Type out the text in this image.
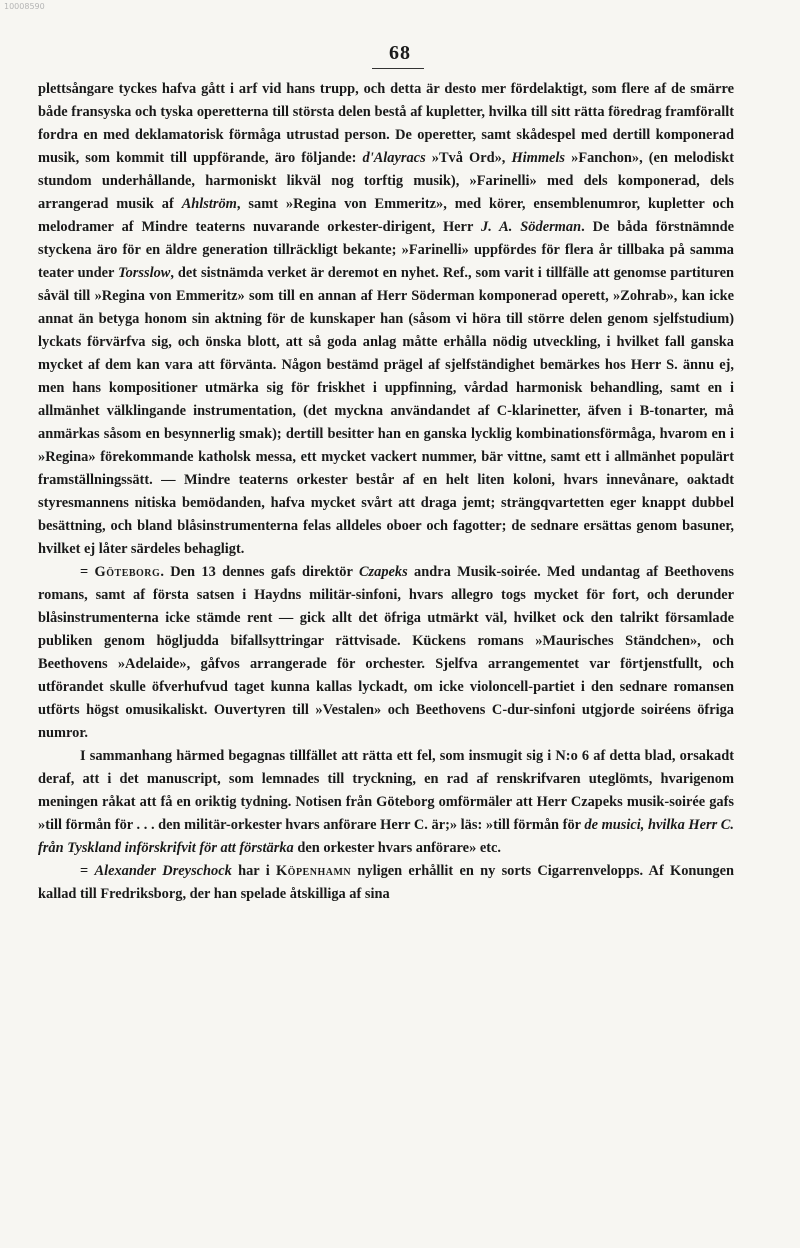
10008590
68

plettsångare tyckes hafva gått i arf vid hans trupp, och detta är desto mer fördelaktigt, som flere af de smärre både fransyska och tyska operetterna till största delen bestå af kupletter, hvilka till sitt rätta föredrag framförallt fordra en med deklamatorisk förmåga utrustad person. De operetter, samt skådespel med dertill komponerad musik, som kommit till uppförande, äro följande: d'Alayracs »Två Ord», Himmels »Fanchon», (en melodiskt stundom underhållande, harmoniskt likväl nog torftig musik), »Farinelli» med dels komponerad, dels arrangerad musik af Ahlström, samt »Regina von Emmeritz», med körer, ensemblenumror, kupletter och melodramer af Mindre teaterns nuvarande orkester-dirigent, Herr J. A. Söderman. De båda förstnämnde styckena äro för en äldre generation tillräckligt bekante; »Farinelli» uppfördes för flera år tillbaka på samma teater under Torsslow, det sistnämda verket är deremot en nyhet. Ref., som varit i tillfälle att genomse partituren såväl till »Regina von Emmeritz» som till en annan af Herr Söderman komponerad operett, »Zohrab», kan icke annat än betyga honom sin aktning för de kunskaper han (såsom vi höra till större delen genom sjelfstudium) lyckats förvärfva sig, och önska blott, att så goda anlag måtte erhålla nödig utveckling, i hvilket fall ganska mycket af dem kan vara att förvänta. Någon bestämd prägel af sjelfständighet bemärkes hos Herr S. ännu ej, men hans kompositioner utmärka sig för friskhet i uppfinning, vårdad harmonisk behandling, samt en i allmänhet välklingande instrumentation, (det myckna användandet af C-klarinetter, äfven i B-tonarter, må anmärkas såsom en besynnerlig smak); dertill besitter han en ganska lycklig kombinationsförmåga, hvarom en i »Regina» förekommande katholsk messa, ett mycket vackert nummer, bär vittne, samt ett i allmänhet populärt framställningssätt. — Mindre teaterns orkester består af en helt liten koloni, hvars innevånare, oaktadt styresmannens nitiska bemödanden, hafva mycket svårt att draga jemt; strängqvartetten eger knappt dubbel besättning, och bland blåsinstrumenterna felas alldeles oboer och fagotter; de sednare ersättas genom basuner, hvilket ej låter särdeles behagligt.

= Göteborg. Den 13 dennes gafs direktör Czapeks andra Musik-soirée. Med undantag af Beethovens romans, samt af första satsen i Haydns militär-sinfoni, hvars allegro togs mycket för fort, och derunder blåsinstrumenterna icke stämde rent — gick allt det öfriga utmärkt väl, hvilket ock den talrikt församlade publiken genom högljudda bifallsyttringar rättvisade. Kückens romans »Maurisches Ständchen», och Beethovens »Adelaide», gåfvos arrangerade för orchester. Sjelfva arrangementet var förtjenstfullt, och utförandet skulle öfverhufvud taget kunna kallas lyckadt, om icke violoncell-partiet i den sednare romansen utförts högst omusikaliskt. Ouvertyren till »Vestalen» och Beethovens C-dur-sinfoni utgjorde soiréens öfriga numror.

I sammanhang härmed begagnas tillfället att rätta ett fel, som insmugit sig i N:o 6 af detta blad, orsakadt deraf, att i det manuscript, som lemnades till tryckning, en rad af renskrifvaren uteglömts, hvarigenom meningen råkat att få en oriktig tydning. Notisen från Göteborg omförmäler att Herr Czapeks musik-soirée gafs »till förmån för . . . den militär-orkester hvars anförare Herr C. är;» läs: »till förmån för de musici, hvilka Herr C. från Tyskland införskrifvit för att förstärka den orkester hvars anförare» etc.

= Alexander Dreyschock har i Köpenhamn nyligen erhållit en ny sorts Cigarrenvelopps. Af Konungen kallad till Fredriksborg, der han spelade åtskilliga af sina
